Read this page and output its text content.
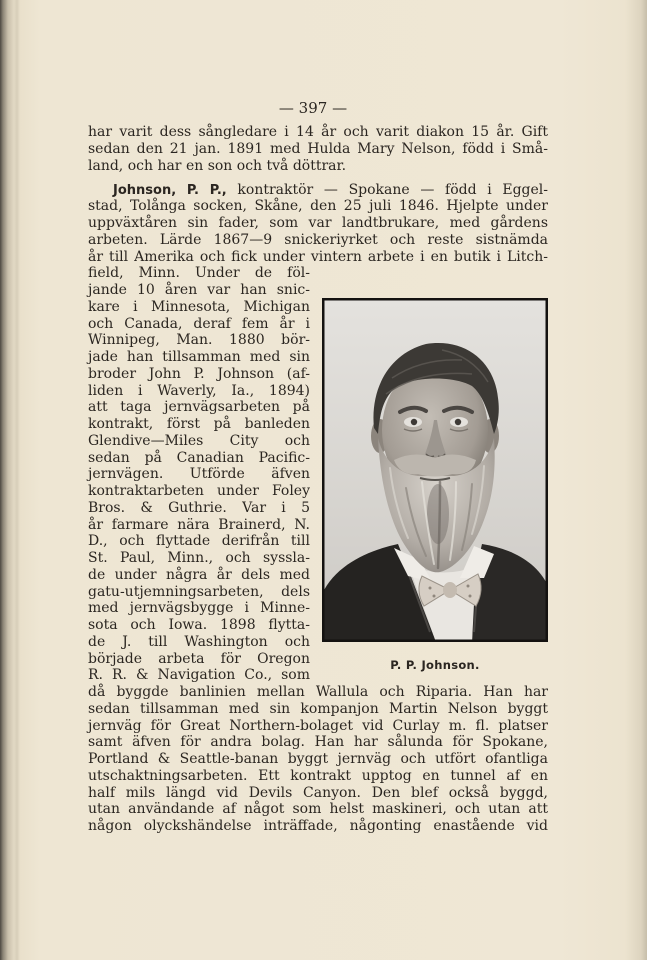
— 397 —
har varit dess sångledare i 14 år och varit diakon 15 år. Gift
sedan den 21 jan. 1891 med Hulda Mary Nelson, född i Små-
land, och har en son och två döttrar.
Johnson, P. P., kontraktör — Spokane — född i Eggel-
stad, Tolånga socken, Skåne, den 25 juli 1846. Hjelpte under
uppväxtåren sin fader, som var landtbrukare, med gårdens
arbeten. Lärde 1867—9 snickeriyrket och reste sistnämda
år till Amerika och fick under vintern arbete i en butik i Litch-
field, Minn. Under de föl-
jande 10 åren var han snic-
kare i Minnesota, Michigan
och Canada, deraf fem år i
Winnipeg, Man. 1880 bör-
jade han tillsamman med sin
broder John P. Johnson (af-
liden i Waverly, Ia., 1894)
att taga jernvägsarbeten på
kontrakt, först på banleden
Glendive—Miles City och
sedan på Canadian Pacific-
jernvägen. Utförde äfven
kontraktarbeten under Foley
Bros. & Guthrie. Var i 5
år farmare nära Brainerd, N.
D., och flyttade derifrån till
St. Paul, Minn., och syssla-
de under några år dels med
gatu-utjemningsarbeten, dels
med jernvägsbygge i Minne-
sota och Iowa. 1898 flytta-
de J. till Washington och
började arbeta för Oregon
R. R. & Navigation Co., som
då byggde banlinien mellan Wallula och Riparia. Han har
sedan tillsamman med sin kompanjon Martin Nelson byggt
jernväg för Great Northern-bolaget vid Curlay m. fl. platser
samt äfven för andra bolag. Han har sålunda för Spokane,
Portland & Seattle-banan byggt jernväg och utfört ofantliga
utschaktningsarbeten. Ett kontrakt upptog en tunnel af en
half mils längd vid Devils Canyon. Den blef också byggd,
utan användande af något som helst maskineri, och utan att
någon olyckshändelse inträffade, någonting enastående vid
P. P. Johnson.
